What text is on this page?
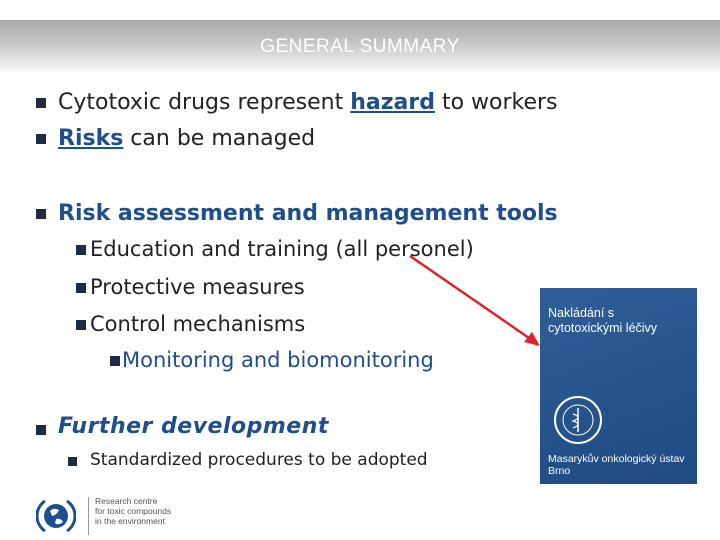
GENERAL SUMMARY
Cytotoxic drugs represent hazard to workers
Risks can be managed
Risk assessment and management tools
Education and training (all personel)
Protective measures
Control mechanisms
Monitoring and biomonitoring
Further development
Standardized procedures to be adopted
Nakládání s
cytotoxickými léčivy
Masarykův onkologický ústav
Brno
Research centre
for toxic compounds
in the environment
